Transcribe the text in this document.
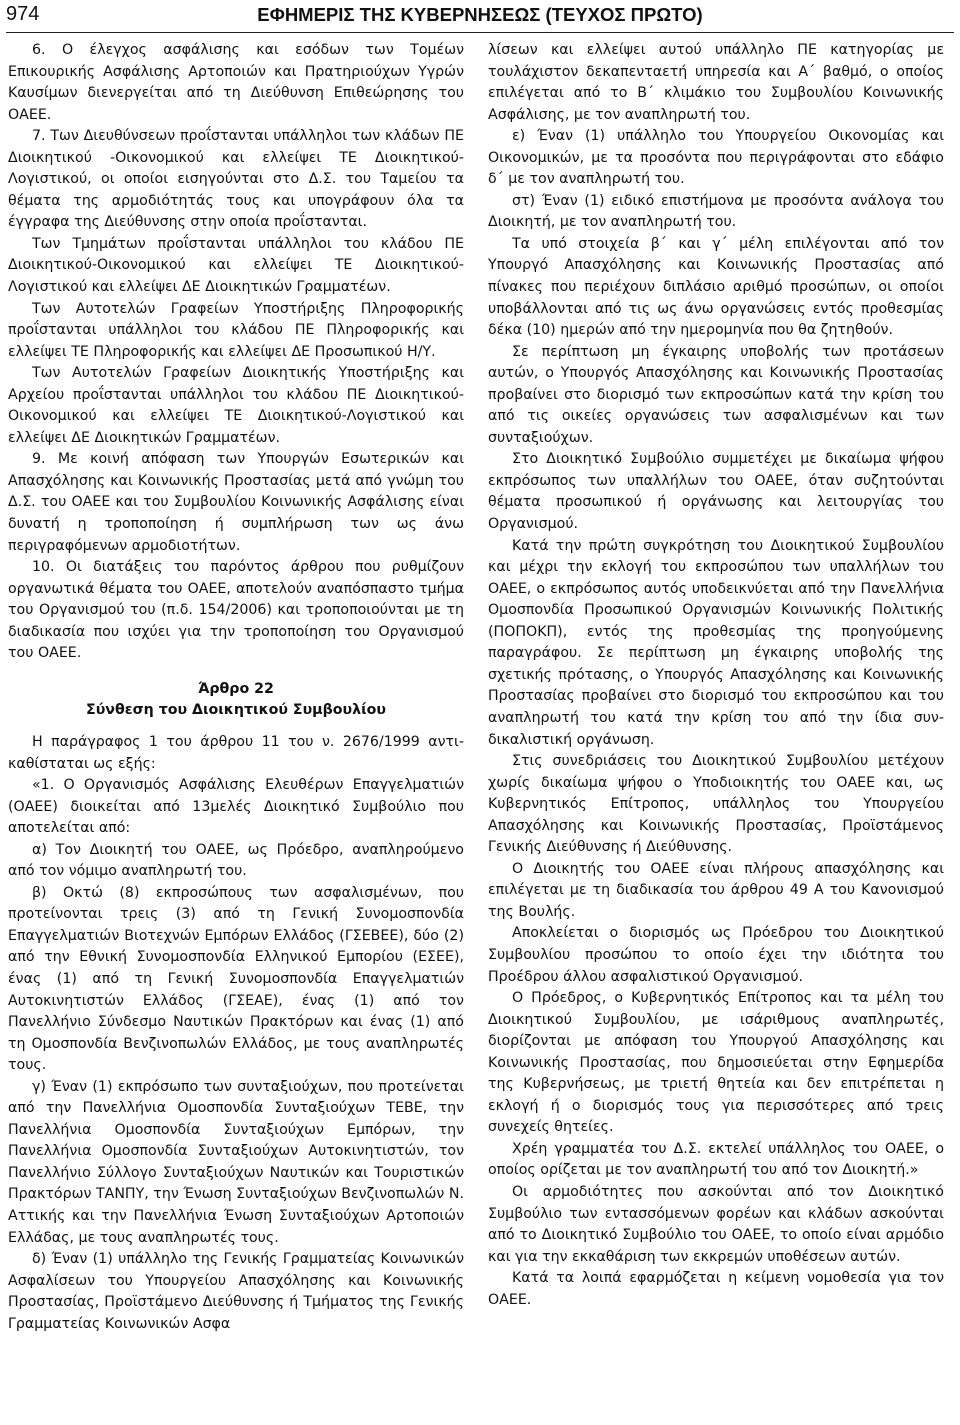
974	ΕΦΗΜΕΡΙΣ ΤΗΣ ΚΥΒΕΡΝΗΣΕΩΣ (ΤΕΥΧΟΣ ΠΡΩΤΟ)

6. Ο έλεγχος ασφάλισης και εσόδων των Τομέων Επικουρικής Ασφάλισης Αρτοποιών και Πρατηριούχων Υγρών Καυσίμων διενεργείται από τη Διεύθυνση Επιθεώρησης του ΟΑΕΕ.

7. Των Διευθύνσεων προΐστανται υπάλληλοι των κλάδων ΠΕ Διοικητικού -Οικονομικού και ελλείψει ΤΕ Διοικητικού-Λογιστικού, οι οποίοι εισηγούνται στο Δ.Σ. του Ταμείου τα θέματα της αρμοδιότητάς τους και υπογράφουν όλα τα έγγραφα της Διεύθυνσης στην οποία προΐστανται.

Των Τμημάτων προΐστανται υπάλληλοι του κλάδου ΠΕ Διοικητικού-Οικονομικού και ελλείψει ΤΕ Διοικητικού-Λογιστικού και ελλείψει ΔΕ Διοικητικών Γραμματέων.

Των Αυτοτελών Γραφείων Υποστήριξης Πληροφορικής προΐστανται υπάλληλοι του κλάδου ΠΕ Πληροφορικής και ελλείψει ΤΕ Πληροφορικής και ελλείψει ΔΕ Προσωπικού Η/Υ.

Των Αυτοτελών Γραφείων Διοικητικής Υποστήριξης και Αρχείου προΐστανται υπάλληλοι του κλάδου ΠΕ Διοικητικού-Οικονομικού και ελλείψει ΤΕ Διοικητικού-Λογιστικού και ελλείψει ΔΕ Διοικητικών Γραμματέων.

9. Με κοινή απόφαση των Υπουργών Εσωτερικών και Απασχόλησης και Κοινωνικής Προστασίας μετά από γνώμη του Δ.Σ. του ΟΑΕΕ και του Συμβουλίου Κοινωνικής Ασφάλισης είναι δυνατή η τροποποίηση ή συμπλήρωση των ως άνω περιγραφόμενων αρμοδιοτήτων.

10. Οι διατάξεις του παρόντος άρθρου που ρυθμίζουν οργανωτικά θέματα του ΟΑΕΕ, αποτελούν αναπόσπαστο τμήμα του Οργανισμού του (π.δ. 154/2006) και τροποποιούνται με τη διαδικασία που ισχύει για την τροποποίηση του Οργανισμού του ΟΑΕΕ.

Άρθρο 22

Σύνθεση του Διοικητικού Συμβουλίου

Η παράγραφος 1 του άρθρου 11 του ν. 2676/1999 αντικαθίσταται ως εξής:

«1. Ο Οργανισμός Ασφάλισης Ελευθέρων Επαγγελματιών (ΟΑΕΕ) διοικείται από 13μελές Διοικητικό Συμβούλιο που αποτελείται από:

α) Τον Διοικητή του ΟΑΕΕ, ως Πρόεδρο, αναπληρούμενο από τον νόμιμο αναπληρωτή του.

β) Οκτώ (8) εκπροσώπους των ασφαλισμένων, που προτείνονται τρεις (3) από τη Γενική Συνομοσπονδία Επαγγελματιών Βιοτεχνών Εμπόρων Ελλάδος (ΓΣΕΒΕΕ), δύο (2) από την Εθνική Συνομοσπονδία Ελληνικού Εμπορίου (ΕΣΕΕ), ένας (1) από τη Γενική Συνομοσπονδία Επαγγελματιών Αυτοκινητιστών Ελλάδος (ΓΣΕΑΕ), ένας (1) από τον Πανελλήνιο Σύνδεσμο Ναυτικών Πρακτόρων και ένας (1) από τη Ομοσπονδία Βενζινοπωλών Ελλάδος, με τους αναπληρωτές τους.

γ) Έναν (1) εκπρόσωπο των συνταξιούχων, που προτείνεται από την Πανελλήνια Ομοσπονδία Συνταξιούχων ΤΕΒΕ, την Πανελλήνια Ομοσπονδία Συνταξιούχων Εμπόρων, την Πανελλήνια Ομοσπονδία Συνταξιούχων Αυτοκινητιστών, τον Πανελλήνιο Σύλλογο Συνταξιούχων Ναυτικών και Τουριστικών Πρακτόρων ΤΑΝΠΥ, την Ένωση Συνταξιούχων Βενζινοπωλών Ν. Αττικής και την Πανελλήνια Ένωση Συνταξιούχων Αρτοποιών Ελλάδας, με τους αναπληρωτές τους.

δ) Έναν (1) υπάλληλο της Γενικής Γραμματείας Κοινωνικών Ασφαλίσεων του Υπουργείου Απασχόλησης και Κοινωνικής Προστασίας, Προϊστάμενο Διεύθυνσης ή Τμήματος της Γενικής Γραμματείας Κοινωνικών Ασφα

λίσεων και ελλείψει αυτού υπάλληλο ΠΕ κατηγορίας με τουλάχιστον δεκαπενταετή υπηρεσία και Α΄ βαθμό, ο οποίος επιλέγεται από το Β΄ κλιμάκιο του Συμβουλίου Κοινωνικής Ασφάλισης, με τον αναπληρωτή του.

ε) Έναν (1) υπάλληλο του Υπουργείου Οικονομίας και Οικονομικών, με τα προσόντα που περιγράφονται στο εδάφιο δ΄ με τον αναπληρωτή του.

στ) Έναν (1) ειδικό επιστήμονα με προσόντα ανάλογα του Διοικητή, με τον αναπληρωτή του.

Τα υπό στοιχεία β΄ και γ΄ μέλη επιλέγονται από τον Υπουργό Απασχόλησης και Κοινωνικής Προστασίας από πίνακες που περιέχουν διπλάσιο αριθμό προσώπων, οι οποίοι υποβάλλονται από τις ως άνω οργανώσεις εντός προθεσμίας δέκα (10) ημερών από την ημερομηνία που θα ζητηθούν.

Σε περίπτωση μη έγκαιρης υποβολής των προτάσεων αυτών, ο Υπουργός Απασχόλησης και Κοινωνικής Προστασίας προβαίνει στο διορισμό των εκπροσώπων κατά την κρίση του από τις οικείες οργανώσεις των ασφαλισμένων και των συνταξιούχων.

Στο Διοικητικό Συμβούλιο συμμετέχει με δικαίωμα ψήφου εκπρόσωπος των υπαλλήλων του ΟΑΕΕ, όταν συζητούνται θέματα προσωπικού ή οργάνωσης και λειτουργίας του Οργανισμού.

Κατά την πρώτη συγκρότηση του Διοικητικού Συμβουλίου και μέχρι την εκλογή του εκπροσώπου των υπαλλήλων του ΟΑΕΕ, ο εκπρόσωπος αυτός υποδεικνύεται από την Πανελλήνια Ομοσπονδία Προσωπικού Οργανισμών Κοινωνικής Πολιτικής (ΠΟΠΟΚΠ), εντός της προθεσμίας της προηγούμενης παραγράφου. Σε περίπτωση μη έγκαιρης υποβολής της σχετικής πρότασης, ο Υπουργός Απασχόλησης και Κοινωνικής Προστασίας προβαίνει στο διορισμό του εκπροσώπου και του αναπληρωτή του κατά την κρίση του από την ίδια συνδικαλιστική οργάνωση.

Στις συνεδριάσεις του Διοικητικού Συμβουλίου μετέχουν χωρίς δικαίωμα ψήφου ο Υποδιοικητής του ΟΑΕΕ και, ως Κυβερνητικός Επίτροπος, υπάλληλος του Υπουργείου Απασχόλησης και Κοινωνικής Προστασίας, Προϊστάμενος Γενικής Διεύθυνσης ή Διεύθυνσης.

Ο Διοικητής του ΟΑΕΕ είναι πλήρους απασχόλησης και επιλέγεται με τη διαδικασία του άρθρου 49 Α του Κανονισμού της Βουλής.

Αποκλείεται ο διορισμός ως Πρόεδρου του Διοικητικού Συμβουλίου προσώπου το οποίο έχει την ιδιότητα του Προέδρου άλλου ασφαλιστικού Οργανισμού.

Ο Πρόεδρος, ο Κυβερνητικός Επίτροπος και τα μέλη του Διοικητικού Συμβουλίου, με ισάριθμους αναπληρωτές, διορίζονται με απόφαση του Υπουργού Απασχόλησης και Κοινωνικής Προστασίας, που δημοσιεύεται στην Εφημερίδα της Κυβερνήσεως, με τριετή θητεία και δεν επιτρέπεται η εκλογή ή ο διορισμός τους για περισσότερες από τρεις συνεχείς θητείες.

Χρέη γραμματέα του Δ.Σ. εκτελεί υπάλληλος του ΟΑΕΕ, ο οποίος ορίζεται με τον αναπληρωτή του από τον Διοικητή.»

Οι αρμοδιότητες που ασκούνται από τον Διοικητικό Συμβούλιο των εντασσόμενων φορέων και κλάδων ασκούνται από το Διοικητικό Συμβούλιο του ΟΑΕΕ, το οποίο είναι αρμόδιο και για την εκκαθάριση των εκκρεμών υποθέσεων αυτών.

Κατά τα λοιπά εφαρμόζεται η κείμενη νομοθεσία για τον ΟΑΕΕ.
